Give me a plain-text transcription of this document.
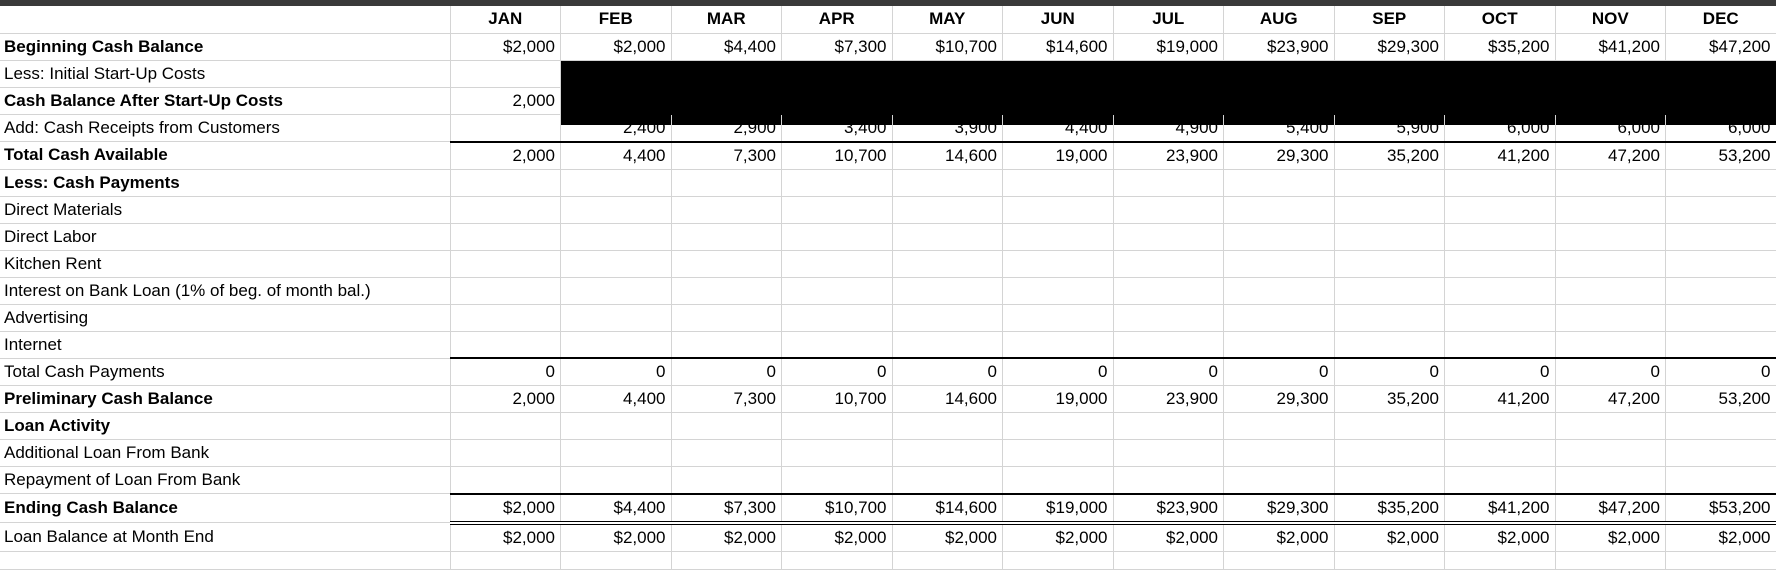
	JAN	FEB	MAR	APR	MAY	JUN	JUL	AUG	SEP	OCT	NOV	DEC
Beginning Cash Balance	$2,000	$2,000	$4,400	$7,300	$10,700	$14,600	$19,000	$23,900	$29,300	$35,200	$41,200	$47,200
Less: Initial Start-Up Costs												
Cash Balance After Start-Up Costs	2,000											
Add: Cash Receipts from Customers		2,400	2,900	3,400	3,900	4,400	4,900	5,400	5,900	6,000	6,000	6,000
Total Cash Available	2,000	4,400	7,300	10,700	14,600	19,000	23,900	29,300	35,200	41,200	47,200	53,200
Less: Cash Payments												
Direct Materials												
Direct Labor												
Kitchen Rent												
Interest on Bank Loan (1% of beg. of month bal.)												
Advertising												
Internet												
Total Cash Payments	0	0	0	0	0	0	0	0	0	0	0	0
Preliminary Cash Balance	2,000	4,400	7,300	10,700	14,600	19,000	23,900	29,300	35,200	41,200	47,200	53,200
Loan Activity												
Additional Loan From Bank												
Repayment of Loan From Bank												
Ending Cash Balance	$2,000	$4,400	$7,300	$10,700	$14,600	$19,000	$23,900	$29,300	$35,200	$41,200	$47,200	$53,200
Loan Balance at Month End	$2,000	$2,000	$2,000	$2,000	$2,000	$2,000	$2,000	$2,000	$2,000	$2,000	$2,000	$2,000
